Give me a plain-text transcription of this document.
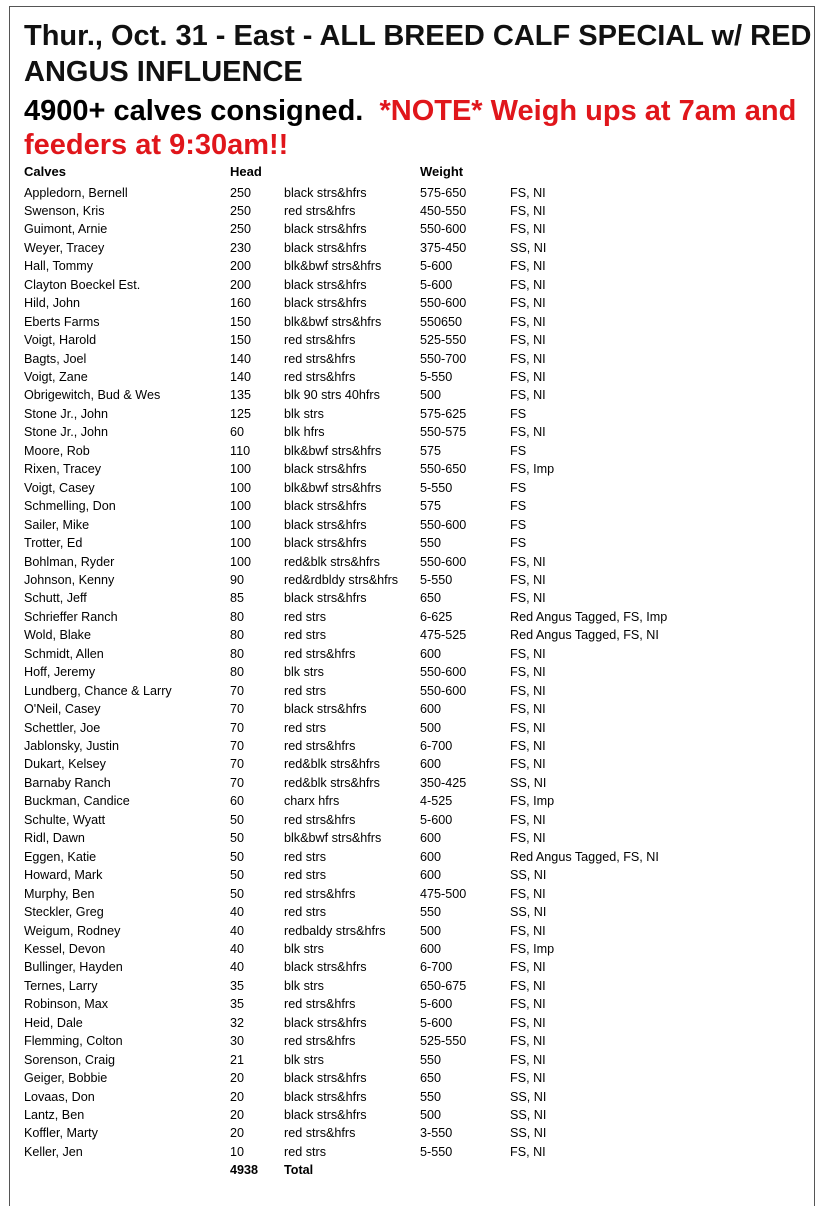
Thur., Oct. 31 - East - ALL BREED CALF SPECIAL w/ RED ANGUS INFLUENCE
4900+ calves consigned. *NOTE* Weigh ups at 7am and feeders at 9:30am!!
Calves	Head	Weight
Appledorn, Bernell	250	black strs&hfrs	575-650	FS, NI
Swenson, Kris	250	red strs&hfrs	450-550	FS, NI
Guimont, Arnie	250	black strs&hfrs	550-600	FS, NI
Weyer, Tracey	230	black strs&hfrs	375-450	SS, NI
Hall, Tommy	200	blk&bwf strs&hfrs	5-600	FS, NI
Clayton Boeckel Est.	200	black strs&hfrs	5-600	FS, NI
Hild, John	160	black strs&hfrs	550-600	FS, NI
Eberts Farms	150	blk&bwf strs&hfrs	550650	FS, NI
Voigt, Harold	150	red strs&hfrs	525-550	FS, NI
Bagts, Joel	140	red strs&hfrs	550-700	FS, NI
Voigt, Zane	140	red strs&hfrs	5-550	FS, NI
Obrigewitch, Bud & Wes	135	blk 90 strs 40hfrs	500	FS, NI
Stone Jr., John	125	blk strs	575-625	FS
Stone Jr., John	60	blk hfrs	550-575	FS, NI
Moore, Rob	110	blk&bwf strs&hfrs	575	FS
Rixen, Tracey	100	black strs&hfrs	550-650	FS, Imp
Voigt, Casey	100	blk&bwf strs&hfrs	5-550	FS
Schmelling, Don	100	black strs&hfrs	575	FS
Sailer, Mike	100	black strs&hfrs	550-600	FS
Trotter, Ed	100	black strs&hfrs	550	FS
Bohlman, Ryder	100	red&blk strs&hfrs	550-600	FS, NI
Johnson, Kenny	90	red&rdbldy strs&hfrs 5-550	FS, NI
Schutt, Jeff	85	black strs&hfrs	650	FS, NI
Schrieffer Ranch	80	red strs	6-625	Red Angus Tagged, FS, Imp
Wold, Blake	80	red strs	475-525	Red Angus Tagged, FS, NI
Schmidt, Allen	80	red strs&hfrs	600	FS, NI
Hoff, Jeremy	80	blk strs	550-600	FS, NI
Lundberg, Chance & Larry	70	red strs	550-600	FS, NI
O'Neil, Casey	70	black strs&hfrs	600	FS, NI
Schettler, Joe	70	red strs	500	FS, NI
Jablonsky, Justin	70	red strs&hfrs	6-700	FS, NI
Dukart, Kelsey	70	red&blk strs&hfrs	600	FS, NI
Barnaby Ranch	70	red&blk strs&hfrs	350-425	SS, NI
Buckman, Candice	60	charx hfrs	4-525	FS, Imp
Schulte, Wyatt	50	red strs&hfrs	5-600	FS, NI
Ridl, Dawn	50	blk&bwf strs&hfrs	600	FS, NI
Eggen, Katie	50	red strs	600	Red Angus Tagged, FS, NI
Howard, Mark	50	red strs	600	SS, NI
Murphy, Ben	50	red strs&hfrs	475-500	FS, NI
Steckler, Greg	40	red strs	550	SS, NI
Weigum, Rodney	40	redbaldy strs&hfrs	500	FS, NI
Kessel, Devon	40	blk strs	600	FS, Imp
Bullinger, Hayden	40	black strs&hfrs	6-700	FS, NI
Ternes, Larry	35	blk strs	650-675	FS, NI
Robinson, Max	35	red strs&hfrs	5-600	FS, NI
Heid, Dale	32	black strs&hfrs	5-600	FS, NI
Flemming, Colton	30	red strs&hfrs	525-550	FS, NI
Sorenson, Craig	21	blk strs	550	FS, NI
Geiger, Bobbie	20	black strs&hfrs	650	FS, NI
Lovaas, Don	20	black strs&hfrs	550	SS, NI
Lantz, Ben	20	black strs&hfrs	500	SS, NI
Koffler, Marty	20	red strs&hfrs	3-550	SS, NI
Keller, Jen	10	red strs	5-550	FS, NI
4938 Total
